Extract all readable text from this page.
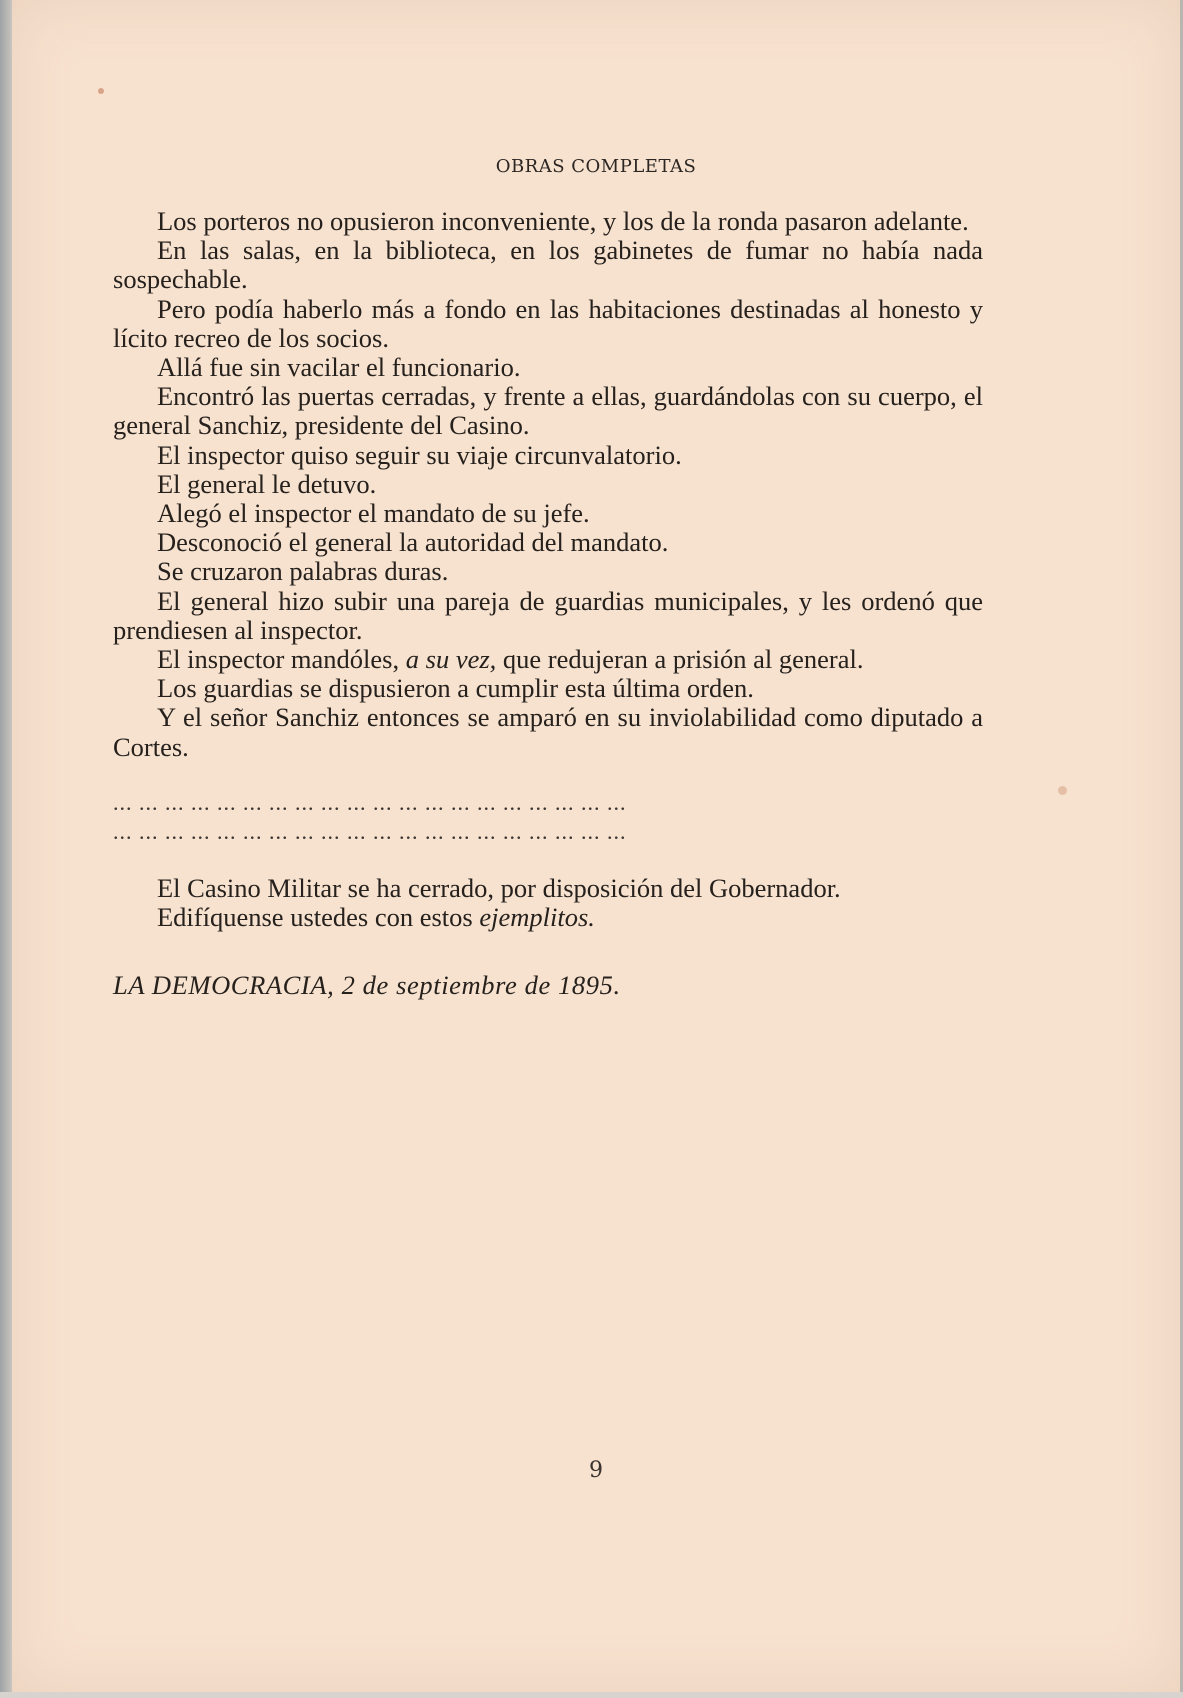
OBRAS COMPLETAS

Los porteros no opusieron inconveniente, y los de la ronda pasaron adelante.

En las salas, en la biblioteca, en los gabinetes de fumar no había nada sospechable.

Pero podía haberlo más a fondo en las habitaciones destinadas al honesto y lícito recreo de los socios.

Allá fue sin vacilar el funcionario.

Encontró las puertas cerradas, y frente a ellas, guardándolas con su cuerpo, el general Sanchiz, presidente del Casino.

El inspector quiso seguir su viaje circunvalatorio.

El general le detuvo.

Alegó el inspector el mandato de su jefe.

Desconoció el general la autoridad del mandato.

Se cruzaron palabras duras.

El general hizo subir una pareja de guardias municipales, y les ordenó que prendiesen al inspector.

El inspector mandóles, a su vez, que redujeran a prisión al general.

Los guardias se dispusieron a cumplir esta última orden.

Y el señor Sanchiz entonces se amparó en su inviolabilidad como diputado a Cortes.

... ... ... ... ... ... ... ... ... ... ... ... ... ... ... ... ... ... ... ...

... ... ... ... ... ... ... ... ... ... ... ... ... ... ... ... ... ... ... ...

El Casino Militar se ha cerrado, por disposición del Gobernador.

Edifíquense ustedes con estos ejemplitos.

LA DEMOCRACIA, 2 de septiembre de 1895.

9
